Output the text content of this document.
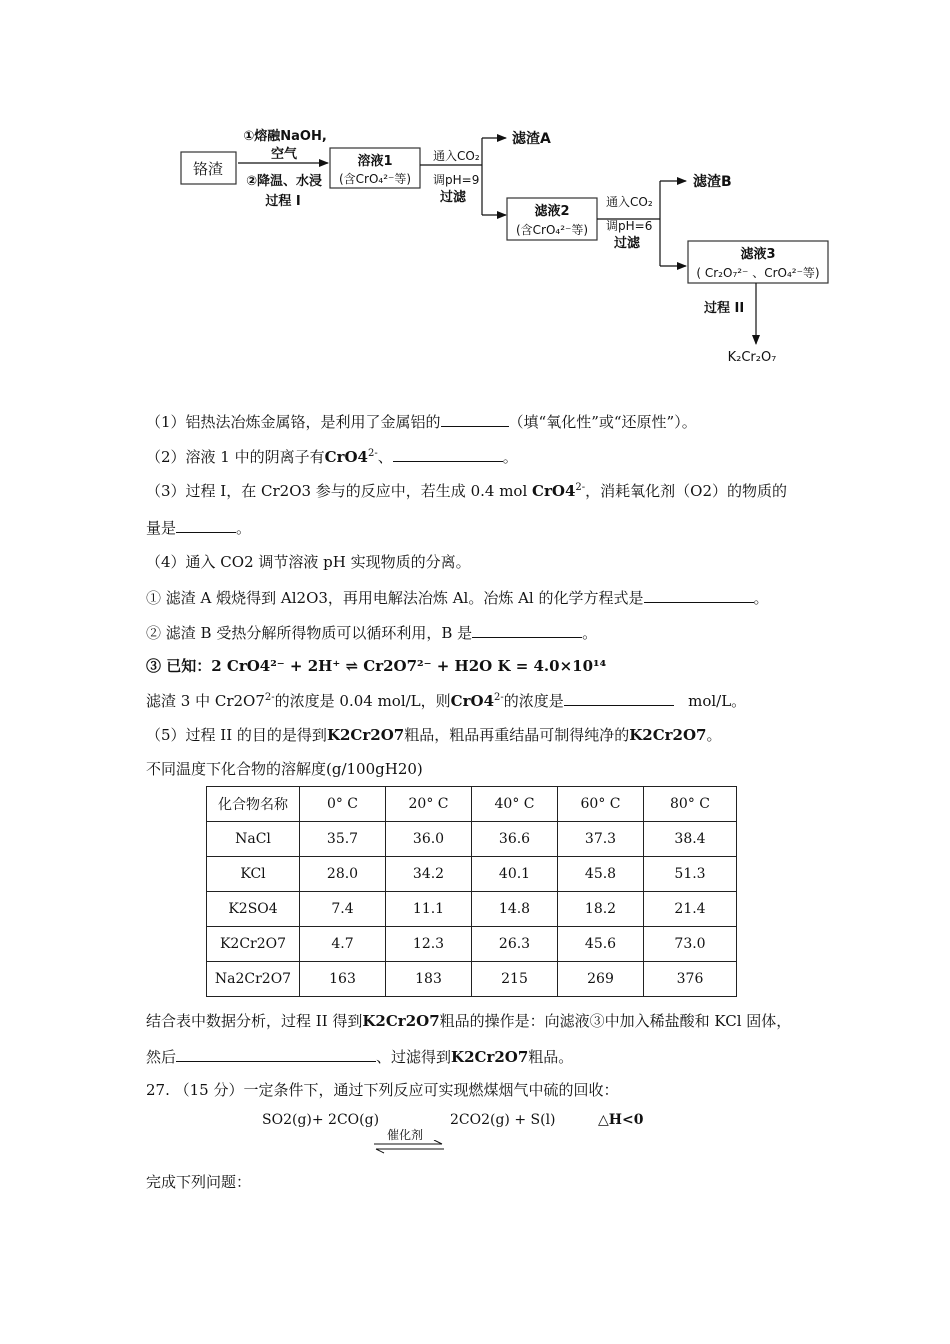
铬渣
①熔融NaOH,
空气
②降温、水浸
过程 I
溶液1
(含CrO₄²⁻等)
通入CO₂
调pH=9
过滤
滤渣A
滤液2
(含CrO₄²⁻等)
通入CO₂
调pH=6
过滤
滤渣B
滤液3
( Cr₂O₇²⁻ 、CrO₄²⁻等)
过程 II
K₂Cr₂O₇
（1）铝热法冶炼金属铬，是利用了金属铝的	（填“氧化性”或“还原性”）。
（2）溶液 1 中的阴离子有$CrO4^{2-}$、	。
（3）过程 I，在 Cr2O3 参与的反应中，若生成 0.4 mol $CrO4^{2-}$，消耗氧化剂（O2）的物质的
量是	。
（4）通入 CO2 调节溶液 pH 实现物质的分离。
① 滤渣 A 煅烧得到 Al2O3，再用电解法冶炼 Al。冶炼 Al 的化学方程式是	。
② 滤渣 B 受热分解所得物质可以循环利用，B 是	。
③ 已知：2 CrO4²⁻ + 2H⁺ ⇌ Cr2O7²⁻ + H2O K = 4.0×10¹⁴
滤渣 3 中 $Cr2O7^{2-}$的浓度是 0.04 mol/L，则$CrO4^{2-}$的浓度是	mol/L。
（5）过程 II 的目的是得到K2Cr2O7粗品，粗品再重结晶可制得纯净的K2Cr2O7。
不同温度下化合物的溶解度(g/100gH20)
化合物名称	0° C	20° C	40° C	60° C	80° C
NaCl	35.7	36.0	36.6	37.3	38.4
KCl	28.0	34.2	40.1	45.8	51.3
K2SO4	7.4	11.1	14.8	18.2	21.4
K2Cr2O7	4.7	12.3	26.3	45.6	73.0
Na2Cr2O7	163	183	215	269	376
结合表中数据分析，过程 II 得到K2Cr2O7粗品的操作是：向滤液③中加入稀盐酸和 KCl 固体，
然后	、过滤得到K2Cr2O7粗品。
27. （15 分）一定条件下，通过下列反应可实现燃煤烟气中硫的回收：
SO2(g)+ 2CO(g)
催化剂
2CO2(g) + S(l)	△H<0
完成下列问题：
